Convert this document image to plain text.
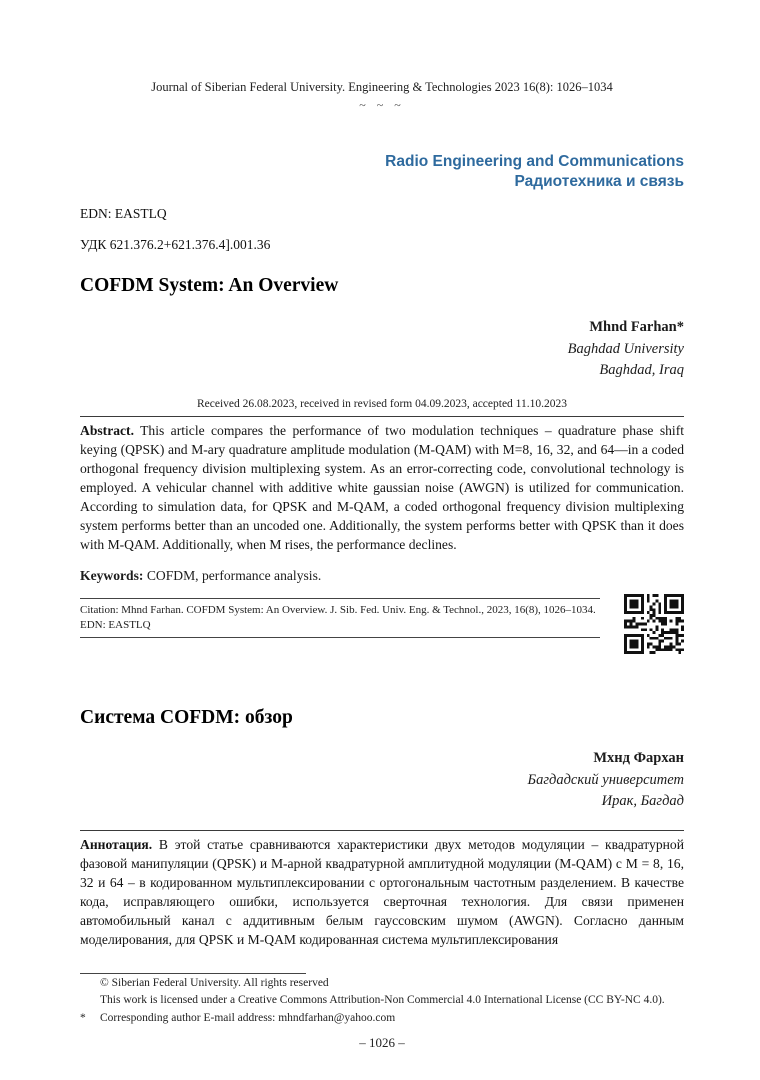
Journal of Siberian Federal University. Engineering & Technologies 2023 16(8): 1026–1034
~ ~ ~
Radio Engineering and Communications
Радиотехника и связь
EDN: EASTLQ
УДК 621.376.2+621.376.4].001.36
COFDM System: An Overview
Mhnd Farhan*
Baghdad University
Baghdad, Iraq
Received 26.08.2023, received in revised form 04.09.2023, accepted 11.10.2023

Abstract. This article compares the performance of two modulation techniques – quadrature phase shift keying (QPSK) and M-ary quadrature amplitude modulation (M-QAM) with M=8, 16, 32, and 64—in a coded orthogonal frequency division multiplexing system. As an error-correcting code, convolutional technology is employed. A vehicular channel with additive white gaussian noise (AWGN) is utilized for communication. According to simulation data, for QPSK and M-QAM, a coded orthogonal frequency division multiplexing system performs better than an uncoded one. Additionally, the system performs better with QPSK than it does with M-QAM. Additionally, when M rises, the performance declines.

Keywords: COFDM, performance analysis.
Citation: Mhnd Farhan. COFDM System: An Overview. J. Sib. Fed. Univ. Eng. & Technol., 2023, 16(8), 1026–1034. EDN: EASTLQ
Система COFDM: обзор
Мхнд Фархан
Багдадский университет
Ирак, Багдад

Аннотация. В этой статье сравниваются характеристики двух методов модуляции – квадратурной фазовой манипуляции (QPSK) и М-арной квадратурной амплитудной модуляции (M-QAM) с М = 8, 16, 32 и 64 – в кодированном мультиплексировании с ортогональным частотным разделением. В качестве кода, исправляющего ошибки, используется сверточная технология. Для связи применен автомобильный канал с аддитивным белым гауссовским шумом (AWGN). Согласно данным моделирования, для QPSK и M-QAM кодированная система мультиплексирования

© Siberian Federal University. All rights reserved
This work is licensed under a Creative Commons Attribution-Non Commercial 4.0 International License (CC BY-NC 4.0).
*	Corresponding author E-mail address: mhndfarhan@yahoo.com
– 1026 –
